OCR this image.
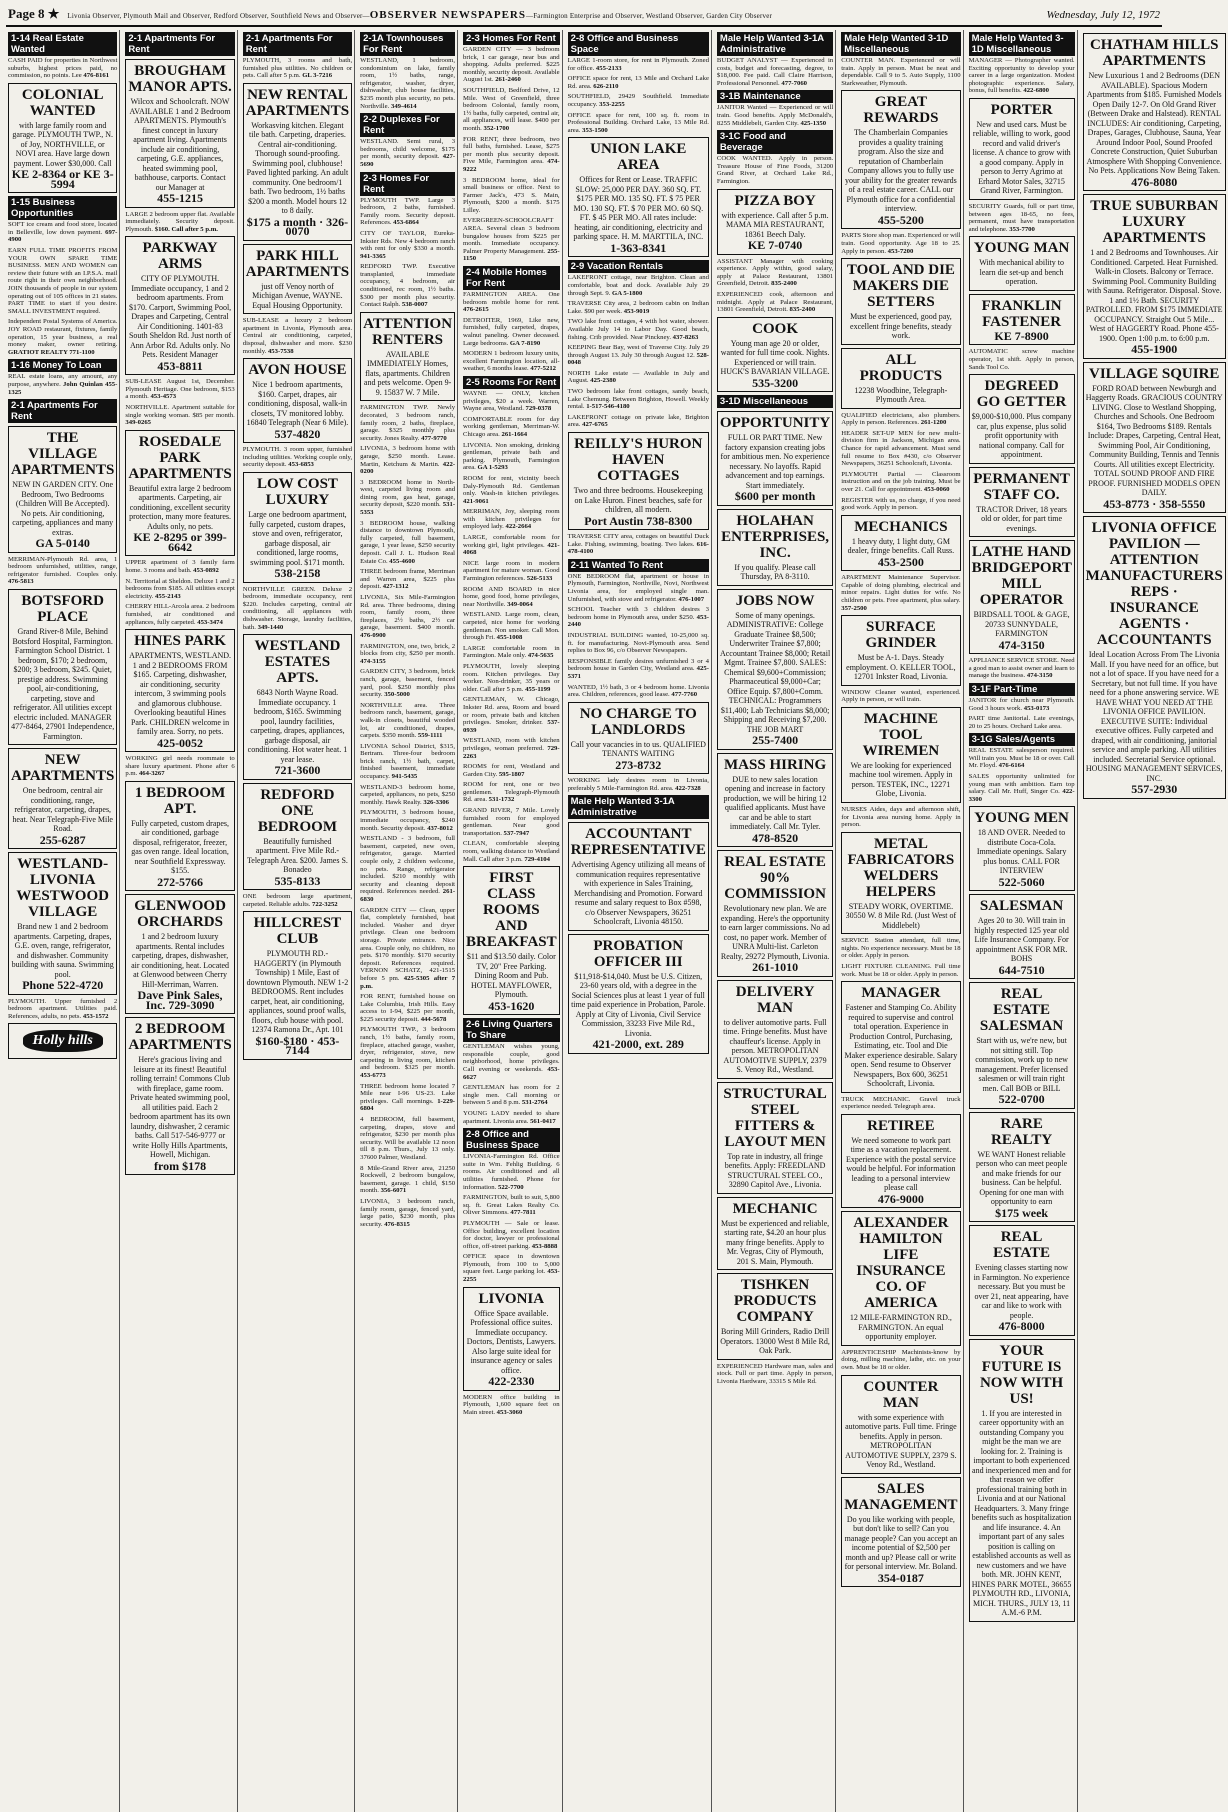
Page 8 ★ Livonia Observer, Plymouth Mail and Observer, Redford Observer, Southfield News and Observer—OBSERVER NEWSPAPERS—Farmington Enterprise and Observer, Westland Observer, Garden City Observer	Wednesday, July 12, 1972
1-14 Real Estate Wanted

CASH PAID for properties in Northwest suburbs, highest prices paid, no commission, no points. Lee 476-8161

COLONIAL WANTED
with large family room and garage. PLYMOUTH TWP., N. of Joy, NORTHVILLE, or NOVI area. Have large down payment. Lower $30,000. Call
KE 2-8364 or KE 3-5994
1-15 Business Opportunities

SOFT ice cream and food store, located in Belleville, low down payment. 697-4900

EARN FULL TIME PROFITS FROM YOUR OWN SPARE TIME BUSINESS. MEN AND WOMEN can review their future with an I.P.S.A. mail route right in their own neighborhood. JOIN thousands of people in our system operating out of 105 offices in 21 states. PART TIME to start if you desire. SMALL INVESTMENT required.

Independent Postal Systems of America. JOY ROAD restaurant, fixtures, family operation, 15 year business, a real money maker, owner retiring. GRATIOT REALTY 771-1100

1-16 Money To Loan

REAL estate loans, any amount, any purpose, anywhere. John Quinlan 455-1325

2-1 Apartments For Rent
THE VILLAGE APARTMENTS
NEW IN GARDEN CITY. One Bedroom, Two Bedrooms (Children Will Be Accepted). No pets. Air conditioning, carpeting, appliances and many extras.
GA 5-0140

MERRIMAN-Plymouth Rd. area, 1 bedroom unfurnished, utilities, range, refrigerator furnished. Couples only. 476-5813

BOTSFORD PLACE
Grand River-8 Mile, Behind Botsford Hospital, Farmington. Farmington School District. 1 bedroom, $170; 2 bedroom, $200; 3 bedroom, $245. Quiet, prestige address. Swimming pool, air-conditioning, carpeting, stove and refrigerator. All utilities except electric included. MANAGER 477-8464, 27901 Independence, Farmington.
NEW APARTMENTS
One bedroom, central air conditioning, range, refrigerator, carpeting, drapes, heat. Near Telegraph-Five Mile Road.
255-6287
WESTLAND-LIVONIA WESTWOOD VILLAGE
Brand new 1 and 2 bedroom apartments. Carpeting, drapes, G.E. oven, range, refrigerator, and dishwasher. Community building with sauna. Swimming pool.
Phone 522-4720

PLYMOUTH. Upper furnished 2 bedroom apartment. Utilities paid. References, adults, no pets. 453-1572

Holly hills
2-1 Apartments For Rent
BROUGHAM MANOR APTS.
Wilcox and Schoolcraft. NOW AVAILABLE 1 and 2 Bedroom APARTMENTS. Plymouth's finest concept in luxury apartment living. Apartments include air conditioning, carpeting, G.E. appliances, heated swimming pool, bathhouse, carports. Contact our Manager at
455-1215

LARGE 2 bedroom upper flat. Available immediately. Security deposit. Plymouth. $160. Call after 5 p.m.

PARKWAY ARMS
CITY OF PLYMOUTH. Immediate occupancy, 1 and 2 bedroom apartments. From $170. Carport, Swimming Pool, Drapes and Carpeting, Central Air Conditioning. 1401-83 South Sheldon Rd. Just north of Ann Arbor Rd. Adults only. No Pets. Resident Manager
453-8811

SUB-LEASE August 1st, December. Plymouth Heritage. One bedroom, $153 a month. 453-4573

NORTHVILLE. Apartment suitable for single working woman. $85 per month. 349-0265

ROSEDALE PARK APARTMENTS
Beautiful extra large 2 bedroom apartments. Carpeting, air conditioning, excellent security protection, many more features. Adults only, no pets.
KE 2-8295 or 399-6642

UPPER apartment of 3 family farm home. 3 rooms and bath. 453-0892

N. Territorial at Sheldon. Deluxe 1 and 2 bedrooms from $185. All utilities except electricity. 455-2143

CHERRY HILL-Arcola area. 2 bedroom furnished, air conditioned and appliances, fully carpeted. 453-3474

HINES PARK
APARTMENTS, WESTLAND. 1 and 2 BEDROOMS FROM $165. Carpeting, dishwasher, air conditioning, security intercom, 3 swimming pools and glamorous clubhouse. Overlooking beautiful Hines Park. CHILDREN welcome in family area. Sorry, no pets.
425-0052

WORKING girl needs roommate to share luxury apartment. Phone after 6 p.m. 464-3267

1 BEDROOM APT.
Fully carpeted, custom drapes, air conditioned, garbage disposal, refrigerator, freezer, gas oven range. Ideal location, near Southfield Expressway. $155.
272-5766
GLENWOOD ORCHARDS
1 and 2 bedroom luxury apartments. Rental includes carpeting, drapes, dishwasher, air conditioning, heat. Located at Glenwood between Cherry Hill-Merriman, Warren.
Dave Pink Sales, Inc. 729-3090
2 BEDROOM APARTMENTS
Here's gracious living and leisure at its finest! Beautiful rolling terrain! Commons Club with fireplace, game room. Private heated swimming pool, all utilities paid. Each 2 bedroom apartment has its own laundry, dishwasher, 2 ceramic baths. Call 517-546-9777 or write Holly Hills Apartments, Howell, Michigan.
from $178
2-1 Apartments For Rent

PLYMOUTH, 3 rooms and bath, furnished plus utilities. No children or pets. Call after 5 p.m. GL 3-7216

NEW RENTAL APARTMENTS
Workasving kitchen. Elegant tile bath. Carpeting, draperies. Central air-conditioning. Thorough sound-proofing. Swimming pool, clubhouse! Paved lighted parking. An adult community. One bedroom/1 bath. Two bedroom, 1½ baths $200 a month. Model hours 12 to 8 daily.
$175 a month · 326-0070
PARK HILL APARTMENTS
just off Venoy north of Michigan Avenue, WAYNE. Equal Housing Opportunity.

SUB-LEASE a luxury 2 bedroom apartment in Livonia, Plymouth area. Central air conditioning, carpeted, disposal, dishwasher and more. $230 monthly. 453-7538

AVON HOUSE
Nice 1 bedroom apartments, $160. Carpet, drapes, air conditioning, disposal, walk-in closets, TV monitored lobby. 16840 Telegraph (Near 6 Mile).
537-4820

PLYMOUTH. 3 room upper, furnished including utilities. Working couple only, security deposit. 453-6853

LOW COST LUXURY
Large one bedroom apartment, fully carpeted, custom drapes, stove and oven, refrigerator, garbage disposal, air conditioned, large rooms, swimming pool. $171 month.
538-2158

NORTHVILLE GREEN. Deluxe 2 bedroom, immediate occupancy, rent $220. Includes carpeting, central air conditioning, all appliances with dishwasher. Storage, laundry facilities, bath. 349-1440

WESTLAND ESTATES APTS.
6843 North Wayne Road. Immediate occupancy. 1 bedroom, $165. Swimming pool, laundry facilities, carpeting, drapes, appliances, garbage disposal, air conditioning. Hot water heat. 1 year lease.
721-3600
REDFORD ONE BEDROOM
Beautifully furnished apartment. Five Mile Rd.-Telegraph Area. $200. James S. Bonadeo
535-8133

ONE bedroom large apartment, carpeted. Reliable adults. 722-3252

HILLCREST CLUB
PLYMOUTH RD.-HAGGERTY (in Plymouth Township) 1 Mile, East of downtown Plymouth. NEW 1-2 BEDROOMS. Rent includes carpet, heat, air conditioning, appliances, sound proof walls, floors, club house with pool. 12374 Ramona Dr., Apt. 101
$160-$180 · 453-7144
2-1A Townhouses For Rent

WESTLAND, 1 bedroom, condominium on lake, family room, 1½ baths, range, refrigerator, washer, dryer, dishwasher, club house facilities, $235 month plus security, no pets. Northville. 349-4614

2-2 Duplexes For Rent

WESTLAND. Semi rural, 3 bedrooms, child welcome, $175 per month, security deposit. 427-5690

2-3 Homes For Rent

PLYMOUTH TWP. Large 3 bedroom, 2 baths, furnished. Family room. Security deposit. References. 453-6864

CITY OF TAYLOR, Eureka-Inkster Rds. New 4 bedroom ranch with rent for only $330 a month. 941-3365

REDFORD TWP. Executive transplanted, immediate occupancy, 4 bedroom, air conditioned, rec room, 1½ baths. $300 per month plus security. Contact Ralph. 538-0007

ATTENTION RENTERS
AVAILABLE IMMEDIATELY Homes, flats, apartments. Children and pets welcome. Open 9-9. 15837 W. 7 Mile.

FARMINGTON TWP. Newly decorated, 3 bedroom ranch, family room, 2 baths, fireplace, garage. $325 monthly plus security. Jones Realty. 477-9770

LIVONIA, 3 bedroom home with garage, $250 month. Lease. Martin, Ketchum & Martin. 422-0200

3 BEDROOM home in North-west, carpeted living room and dining room, gas heat, garage, security deposit, $220 month. 531-5353

3 BEDROOM house, walking distance to downtown Plymouth, fully carpeted, full basement, garage, 1 year lease, $250 security deposit. Call J. L. Hudson Real Estate Co. 455-4600

THREE bedroom frame, Merriman and Warren area, $225 plus deposit. 427-1312

LIVONIA, Six Mile-Farmington Rd. area. Three bedrooms, dining room, family room, three fireplaces, 2½ baths, 2½ car garage, basement. $400 month. 476-0900

FARMINGTON, one, two, brick, 2 blocks from city, $250 per month. 474-3155

GARDEN CITY, 3 bedroom, brick ranch, garage, basement, fenced yard, pool. $250 monthly plus security. 350-5000

NORTHVILLE area. Three bedroom ranch, basement, garage, walk-in closets, beautiful wooded lot, air conditioned, drapes, carpets. $350 month. 559-1111

LIVONIA School District, $315, Bertram. Three-four bedroom brick ranch, 1½ bath, carpet, finished basement, immediate occupancy. 941-5435

WESTLAND-3 bedroom home, carpeted, appliances, no pets, $250 monthly. Hawk Realty. 326-3306

PLYMOUTH, 3 bedroom house, immediate occupancy, $240 month. Security deposit. 437-8012

WESTLAND - 3 bedroom, full basement, carpeted, new oven, refrigerator, garage. Married couple only, 2 children welcome, no pets. Range, refrigerator included. $210 monthly with security and cleaning deposit required. References needed. 261-6830

GARDEN CITY — Clean, upper flat, completely furnished, heat included. Washer and dryer privilege. Clean one bedroom storage. Private entrance. Nice area. Couple only, no children, no pets. $170 monthly. $170 security deposit. References required. VERNON SCHATZ, 421-1515 before 5 pm. 425-5305 after 7 p.m.

FOR RENT, furnished house on Lake Columbia, Irish Hills. Easy access to I-94, $225 per month, $225 security deposit. 444-5678

PLYMOUTH TWP., 3 bedroom ranch, 1½ baths, family room, fireplace, attached garage, washer, dryer, refrigerator, stove, new carpeting in living room, kitchen and bedroom. $325 per month. 453-6773

THREE bedroom home located 7 Mile near I-96 US-23. Lake privileges. Call mornings. 1-229-6804

4 BEDROOM, full basement, carpeting, drapes, stove and refrigerator, $230 per month plus security. Will be available 12 noon till 8 p.m. Thurs., July 13 only. 37600 Palmer, Westland.

8 Mile-Grand River area, 21250 Rockwell, 2 bedroom bungalow, basement, garage. 1 child, $150 month. 356-6071

LIVONIA, 3 bedroom ranch, family room, garage, fenced yard, large patio, $230 month, plus security. 476-8315

2-3 Homes For Rent

GARDEN CITY — 3 bedroom brick, 1 car garage, near bus and shopping. Adults preferred. $225 monthly, security deposit. Available August 1st. 261-2460

SOUTHFIELD, Bedford Drive, 12 Mile. West of Greenfield, three bedroom Colonial, family room, 1½ baths, fully carpeted, central air, all appliances, will lease. $400 per month. 352-1700

FOR RENT, three bedroom, two full baths, furnished. Lease, $275 per month plus security deposit. Five Mile, Farmington area. 474-9222

3 BEDROOM home, ideal for small business or office. Next to Farmer Jack's, 473 S. Main, Plymouth, $200 a month. $175 Lilley.

EVERGREEN-SCHOOLCRAFT AREA. Several clean 3 bedroom bungalow houses from $225 per month. Immediate occupancy. Palmer Property Management. 255-1150

2-4 Mobile Homes For Rent

FARMINGTON AREA. One bedroom mobile home for rent. 476-2615

DETROITER, 1969, Like new, furnished, fully carpeted, drapes, walnut paneling. Owner deceased. Large bedrooms. GA 7-8190

MODERN 1 bedroom luxury units, excellent Farmington location, all-weather, 6 months lease. 477-5212

2-5 Rooms For Rent

WAYNE — ONLY, kitchen privileges, $20 a week. Warren, Wayne area, Westland. 729-0378

COMFORTABLE room for day working gentleman, Merriman-W. Chicago area. 261-1664

LIVONIA. Non smoking, drinking gentleman, private bath and parking. Plymouth, Farmington area. GA 1-5293

ROOM for rent, vicinity beech Daly-Plymouth Rd. Gentleman only. Wash-in kitchen privileges. 421-9061

MERRIMAN, Joy, sleeping room with kitchen privileges for employed lady. 422-2664

LARGE, comfortable room for working girl, light privileges. 421-4068

NICE large room in modern apartment for mature woman. Good Farmington references. 526-5133

ROOM AND BOARD in nice home, good food, home privileges, near Northville. 349-0064

WESTLAND. Large room, clean, carpeted, nice home for working gentleman. Non smoker. Call Mon. through Fri. 455-1008

LARGE comfortable room in Farmington. Male only. 474-5635

PLYMOUTH, lovely sleeping room. Kitchen privileges. Day worker. Non-drinker, 35 years or older. Call after 5 p.m. 455-1199

GENTLEMAN, W. Chicago, Inkster Rd. area, Room and board or room, private bath and kitchen privileges. Smoker, drinker. 537-0939

WESTLAND, room with kitchen privileges, woman preferred. 729-2263

ROOMS for rent, Westland and Garden City. 595-1807

ROOM for rent, one or two gentlemen. Telegraph-Plymouth Rd. area. 531-1732

GRAND RIVER, 7 Mile. Lovely furnished room for employed gentleman. Near good transportation. 537-7947

CLEAN, comfortable sleeping room, walking distance to Westland Mall. Call after 3 p.m. 729-4104

FIRST CLASS ROOMS AND BREAKFAST
$11 and $13.50 daily. Color TV, 20" Free Parking. Dining Room and Pub. HOTEL MAYFLOWER, Plymouth.
453-1620
2-6 Living Quarters To Share

GENTLEMAN wishes young, responsible couple, good neighborhood, home privileges. Call evening or weekends. 453-6627

GENTLEMAN has room for 2 single men. Call morning or between 5 and 8 p.m. 531-2764

YOUNG LADY needed to share apartment. Livonia area. 561-0417

2-8 Office and Business Space

LIVONIA-Farmington Rd. Office suite in Wm. Fehlig Building. 6 rooms. Air conditioned and all utilities furnished. Phone for information. 522-7700

FARMINGTON, built to suit, 5,800 sq. ft. Great Lakes Realty Co. Oliver Simmons. 477-7811

PLYMOUTH — Sale or lease. Office building, excellent location for doctor, lawyer or professional office, off-street parking. 453-8888

OFFICE space in downtown Plymouth, from 100 to 5,000 square feet. Large parking lot. 453-2255

LIVONIA
Office Space available. Professional office suites. Immediate occupancy. Doctors, Dentists, Lawyers. Also large suite ideal for insurance agency or sales office.
422-2330

MODERN office building in Plymouth, 1,600 square feet on Main street. 453-3060

2-8 Office and Business Space

LARGE 1-room store, for rent in Plymouth. Zoned for office. 455-2133

OFFICE space for rent, 13 Mile and Orchard Lake Rd. area. 626-2110

SOUTHFIELD, 29429 Southfield. Immediate occupancy. 353-2255

OFFICE space for rent, 100 sq. ft. room in Professional Building. Orchard Lake, 13 Mile Rd. area. 353-1500

UNION LAKE AREA
Offices for Rent or Lease. TRAFFIC SLOW: 25,000 PER DAY. 360 SQ. FT. $175 PER MO. 135 SQ. FT. $ 75 PER MO. 130 SQ. FT. $ 70 PER MO. 60 SQ. FT. $ 45 PER MO. All rates include: heating, air conditioning, electricity and parking space. H. M. MARTTILA, INC.
1-363-8341
2-9 Vacation Rentals

LAKEFRONT cottage, near Brighton. Clean and comfortable, boat and dock. Available July 29 through Sept. 9. GA 5-1800

TRAVERSE City area, 2 bedroom cabin on Indian Lake. $90 per week. 453-9019

TWO lake front cottages, 4 with hot water, shower. Available July 14 to Labor Day. Good beach, fishing. Crib provided. Near Pinckney. 437-8263

KEEPING Bear Bay, west of Traverse City. July 29 through August 13. July 30 through August 12. 528-0048

NORTH Lake estate — Available in July and August. 425-2380

TWO bedroom lake front cottages, sandy beach, Lake Chemung. Between Brighton, Howell. Weekly rental. 1-517-546-4180

LAKEFRONT cottage on private lake, Brighton area. 427-6765

REILLY'S HURON HAVEN COTTAGES
Two and three bedrooms. Housekeeping on Lake Huron. Finest beaches, safe for children, all modern.
Port Austin 738-8300

TRAVERSE CITY area, cottages on beautiful Duck Lake. Fishing, swimming, boating. Two lakes. 616-478-4100

2-11 Wanted To Rent

ONE BEDROOM flat, apartment or house in Plymouth, Farmington, Northville, Novi, Northwest Livonia area, for employed single man. Unfurnished, with stove and refrigerator. 476-1007

SCHOOL Teacher with 3 children desires 3 bedroom home in Plymouth area, under $250. 453-2440

INDUSTRIAL BUILDING wanted, 10-25,000 sq. ft. for manufacturing. Novi-Plymouth area. Send replies to Box 96, c/o Observer Newspapers.

RESPONSIBLE family desires unfurnished 3 or 4 bedroom house in Garden City, Westland area. 425-5371

WANTED, 1½ bath, 3 or 4 bedroom home. Livonia area. Children, references, good lease. 477-7760

NO CHARGE TO LANDLORDS
Call your vacancies in to us. QUALIFIED TENANTS WAITING
273-8732

WORKING lady desires room in Livonia, preferably 5 Mile-Farmington Rd. area. 422-7328

Male Help Wanted 3-1A Administrative
ACCOUNTANT REPRESENTATIVE
Advertising Agency utilizing all means of communication requires representative with experience in Sales Training, Merchandising and Promotion. Forward resume and salary request to Box #598, c/o Observer Newspapers, 36251 Schoolcraft, Livonia 48150.
PROBATION OFFICER III
$11,918-$14,040. Must be U.S. Citizen, 23-60 years old, with a degree in the Social Sciences plus at least 1 year of full time paid experience in Probation, Parole. Apply at City of Livonia, Civil Service Commission, 33233 Five Mile Rd., Livonia.
421-2000, ext. 289
Male Help Wanted 3-1A Administrative

BUDGET ANALYST — Experienced in costs, budget and forecasting, degree, to $18,000. Fee paid. Call Claire Harrison, Professional Personnel. 477-7060

3-1B Maintenance

JANITOR Wanted — Experienced or will train. Good benefits. Apply McDonald's, 8255 Middlebelt, Garden City. 425-1350

3-1C Food and Beverage

COOK WANTED. Apply in person. Treasure House of Fine Foods, 31200 Grand River, at Orchard Lake Rd., Farmington.

PIZZA BOY
with experience. Call after 5 p.m. MAMA MIA RESTAURANT, 18361 Beech Daly.
KE 7-0740

ASSISTANT Manager with cooking experience. Apply within, good salary, apply at Palace Restaurant, 13801 Greenfield, Detroit. 835-2400

EXPERIENCED cook, afternoon and midnight. Apply at Palace Restaurant, 13801 Greenfield, Detroit. 835-2400

COOK
Young man age 20 or older, wanted for full time cook. Nights. Experienced or will train. HUCK'S BAVARIAN VILLAGE.
535-3200
3-1D Miscellaneous
OPPORTUNITY
FULL OR PART TIME. New factory expansion creating jobs for ambitious men. No experience necessary. No layoffs. Rapid advancement and top earnings. Start immediately.
$600 per month
HOLAHAN ENTERPRISES, INC.
If you qualify. Please call Thursday, PA 8-3110.
JOBS NOW
Some of many openings. ADMINISTRATIVE: College Graduate Trainee $8,500; Underwriter Trainee $7,800; Accountant Trainee $8,000; Retail Mgmt. Trainee $7,800. SALES: Chemical $9,600+Commission; Pharmaceutical $9,000+Car; Office Equip. $7,800+Comm. TECHNICAL: Programmers $11,400; Lab Technicians $8,000; Shipping and Receiving $7,200. THE JOB MART
255-7400
MASS HIRING
DUE to new sales location opening and increase in factory production, we will be hiring 12 qualified applicants. Must have car and be able to start immediately. Call Mr. Tyler.
478-8520
REAL ESTATE 90% COMMISSION
Revolutionary new plan. We are expanding. Here's the opportunity to earn larger commissions. No ad cost, no paper work. Member of UNRA Multi-list. Carleton Realty, 29272 Plymouth, Livonia.
261-1010
DELIVERY MAN
to deliver automotive parts. Full time. Fringe benefits. Must have chauffeur's license. Apply in person. METROPOLITAN AUTOMOTIVE SUPPLY, 2379 S. Venoy Rd., Westland.
STRUCTURAL STEEL FITTERS & LAYOUT MEN
Top rate in industry, all fringe benefits. Apply: FREEDLAND STRUCTURAL STEEL CO., 32890 Capitol Ave., Livonia.
MECHANIC
Must be experienced and reliable, starting rate, $4.20 an hour plus many fringe benefits. Apply to Mr. Vegras, City of Plymouth, 201 S. Main, Plymouth.
TISHKEN PRODUCTS COMPANY
Boring Mill Grinders, Radio Drill Operators. 13000 West 8 Mile Rd, Oak Park.

EXPERIENCED Hardware man, sales and stock. Full or part time. Apply in person, Livonia Hardware, 33315 S Mile Rd.

Male Help Wanted 3-1D Miscellaneous

COUNTER MAN. Experienced or will train. Apply in person. Must be neat and dependable. Call 9 to 5. Auto Supply, 1100 Starkweather, Plymouth.

GREAT REWARDS
The Chamberlain Companies provides a quality training program. Also the size and reputation of Chamberlain Company allows you to fully use your ability for the greater rewards of a real estate career. CALL our Plymouth office for a confidential interview.
455-5200

PARTS Store shop man. Experienced or will train. Good opportunity. Age 18 to 25. Apply in person. 453-7200

TOOL AND DIE MAKERS DIE SETTERS
Must be experienced, good pay, excellent fringe benefits, steady work.
ALL PRODUCTS
12238 Woodbine, Telegraph-Plymouth Area.

QUALIFIED electricians, also plumbers. Apply in person. References. 261-1200

HEADER SET-UP MEN for new multi-division firm in Jackson, Michigan area. Chance for rapid advancement. Must send full resume to Box #430, c/o Observer Newspapers, 36251 Schoolcraft, Livonia.

PLYMOUTH Partial — Classroom instruction and on the job training. Must be over 21. Call for appointment. 453-0060

REGISTER with us, no charge, if you need good work. Apply in person.

MECHANICS
1 heavy duty, 1 light duty, GM dealer, fringe benefits. Call Russ.
453-2500

APARTMENT Maintenance Supervisor. Capable of doing plumbing, electrical and minor repairs. Light duties for wife. No children or pets. Free apartment, plus salary. 357-2500

SURFACE GRINDER
Must be A-1. Days. Steady employment. O. KELLER TOOL, 12701 Inkster Road, Livonia.

WINDOW Cleaner wanted, experienced. Apply in person, or will train.

MACHINE TOOL WIREMEN
We are looking for experienced machine tool wiremen. Apply in person. TESTEK, INC., 12271 Globe, Livonia.

NURSES Aides, days and afternoon shift, for Livonia area nursing home. Apply in person.

METAL FABRICATORS WELDERS HELPERS
STEADY WORK, OVERTIME. 30550 W. 8 Mile Rd. (Just West of Middlebelt)

SERVICE Station attendant, full time, nights. No experience necessary. Must be 18 or older. Apply in person.

LIGHT FIXTURE CLEANING. Full time work. Must be 18 or older. Apply in person.

MANAGER
Fastener and Stamping Co. Ability required to supervise and control total operation. Experience in Production Control, Purchasing, Estimating, etc. Tool and Die Maker experience desirable. Salary open. Send resume to Observer Newspapers, Box 600, 36251 Schoolcraft, Livonia.

TRUCK MECHANIC. Gravel truck experience needed. Telegraph area.

RETIREE
We need someone to work part time as a vacation replacement. Experience with the postal service would be helpful. For information leading to a personal interview please call
476-9000
ALEXANDER HAMILTON LIFE INSURANCE CO. OF AMERICA
12 MILE-FARMINGTON RD., FARMINGTON. An equal opportunity employer.

APPRENTICESHIP Machinists-know by doing, milling machine, lathe, etc. on your own. Must be 18 or older.

COUNTER MAN
with some experience with automotive parts. Full time. Fringe benefits. Apply in person. METROPOLITAN AUTOMOTIVE SUPPLY, 2379 S. Venoy Rd., Westland.
SALES MANAGEMENT
Do you like working with people, but don't like to sell? Can you manage people? Can you accept an income potential of $2,500 per month and up? Please call or write for personal interview. Mr. Boland.
354-0187
Male Help Wanted 3-1D Miscellaneous

MANAGER — Photographer wanted. Exciting opportunity to develop your career in a large organization. Modest photographic experience. Salary, bonus, full benefits. 422-6800

PORTER
New and used cars. Must be reliable, willing to work, good record and valid driver's license. A chance to grow with a good company. Apply in person to Jerry Agrimo at Erhard Motor Sales, 32715 Grand River, Farmington.

SECURITY Guards, full or part time, between ages 18-65, no fees, permanent, must have transportation and telephone. 353-7700

YOUNG MAN
With mechanical ability to learn die set-up and bench operation.
FRANKLIN FASTENER
KE 7-8900

AUTOMATIC screw machine operator, 1st shift. Apply in person, Sands Tool Co.

DEGREED GO GETTER
$9,000-$10,000. Plus company car, plus expense, plus solid profit opportunity with national company. Call for appointment.
PERMANENT STAFF CO.
TRACTOR Driver, 18 years old or older, for part time evenings.
LATHE HAND BRIDGEPORT MILL OPERATOR
BIRDSALL TOOL & GAGE, 20733 SUNNYDALE, FARMINGTON
474-3150

APPLIANCE SERVICE STORE. Need a good man to assist owner and learn to manage the business. 474-3150

3-1F Part-Time

JANITOR for church near Plymouth. Good 3 hours work. 453-0173

PART time Janitorial. Late evenings, 20 to 25 hours. Orchard Lake area.

3-1G Sales/Agents

REAL ESTATE salesperson required. Will train you. Must be 18 or over. Call Mr. Floyd. 476-6164

SALES opportunity unlimited for young man with ambition. Earn top salary. Call Mr. Huff, Singer Co. 422-3300

YOUNG MEN
18 AND OVER. Needed to distribute Coca-Cola. Immediate openings. Salary plus bonus. CALL FOR INTERVIEW
522-5060
SALESMAN
Ages 20 to 30. Will train in highly respected 125 year old Life Insurance Company. For appointment ASK FOR MR. BOHS
644-7510
REAL ESTATE SALESMAN
Start with us, we're new, but not sitting still. Top commission, work up to new management. Prefer licensed salesmen or will train right men. Call BOB or BILL
522-0700
RARE REALTY
WE WANT Honest reliable person who can meet people and make friends for our business. Can be helpful. Opening for one man with opportunity to earn
$175 week
REAL ESTATE
Evening classes starting now in Farmington. No experience necessary. But you must be over 21, neat appearing, have car and like to work with people.
476-8000
YOUR FUTURE IS NOW WITH US!
1. If you are interested in career opportunity with an outstanding Company you might be the man we are looking for. 2. Training is important to both experienced and inexperienced men and for that reason we offer professional training both in Livonia and at our National Headquarters. 3. Many fringe benefits such as hospitalization and life insurance. 4. An important part of any sales position is calling on established accounts as well as new customers and we have both. MR. JOHN KENT, HINES PARK MOTEL, 36655 PLYMOUTH RD., LIVONIA, MICH. THURS., JULY 13, 11 A.M.-6 P.M.
CHATHAM HILLS APARTMENTS
New Luxurious 1 and 2 Bedrooms (DEN AVAILABLE). Spacious Modern Apartments from $185. Furnished Models Open Daily 12-7. On Old Grand River (Between Drake and Halstead). RENTAL INCLUDES: Air conditioning, Carpeting, Drapes, Garages, Clubhouse, Sauna, Year Around Indoor Pool, Sound Proofed Concrete Construction, Quiet Suburban Atmosphere With Shopping Convenience. No Pets. Applications Now Being Taken.
476-8080
TRUE SUBURBAN LUXURY APARTMENTS
1 and 2 Bedrooms and Townhouses. Air Conditioned. Carpeted. Heat Furnished. Walk-in Closets. Balcony or Terrace. Swimming Pool. Community Building with Sauna. Refrigerator. Disposal. Stove. 1 and 1½ Bath. SECURITY PATROLLED. FROM $175 IMMEDIATE OCCUPANCY. Straight Out 5 Mile... West of HAGGERTY Road. Phone 455-1900. Open 1:00 p.m. to 6:00 p.m.
455-1900
VILLAGE SQUIRE
FORD ROAD between Newburgh and Haggerty Roads. GRACIOUS COUNTRY LIVING. Close to Westland Shopping, Churches and Schools. One Bedroom $164, Two Bedrooms $189. Rentals Include: Drapes, Carpeting, Central Heat, Swimming Pool, Air Conditioning, Community Building, Tennis and Tennis Courts. All utilities except Electricity. TOTAL SOUND PROOF AND FIRE PROOF. FURNISHED MODELS OPEN DAILY.
453-8773 · 358-5550
LIVONIA OFFICE PAVILION — ATTENTION MANUFACTURERS REPS · INSURANCE AGENTS · ACCOUNTANTS
Ideal Location Across From The Livonia Mall. If you have need for an office, but not a lot of space. If you have need for a Secretary, but not full time. If you have need for a phone answering service. WE HAVE WHAT YOU NEED AT THE LIVONIA OFFICE PAVILION. EXECUTIVE SUITE: Individual executive offices. Fully carpeted and draped, with air conditioning, janitorial service and ample parking. All utilities included. Secretarial Service optional. HOUSING MANAGEMENT SERVICES, INC.
557-2930
